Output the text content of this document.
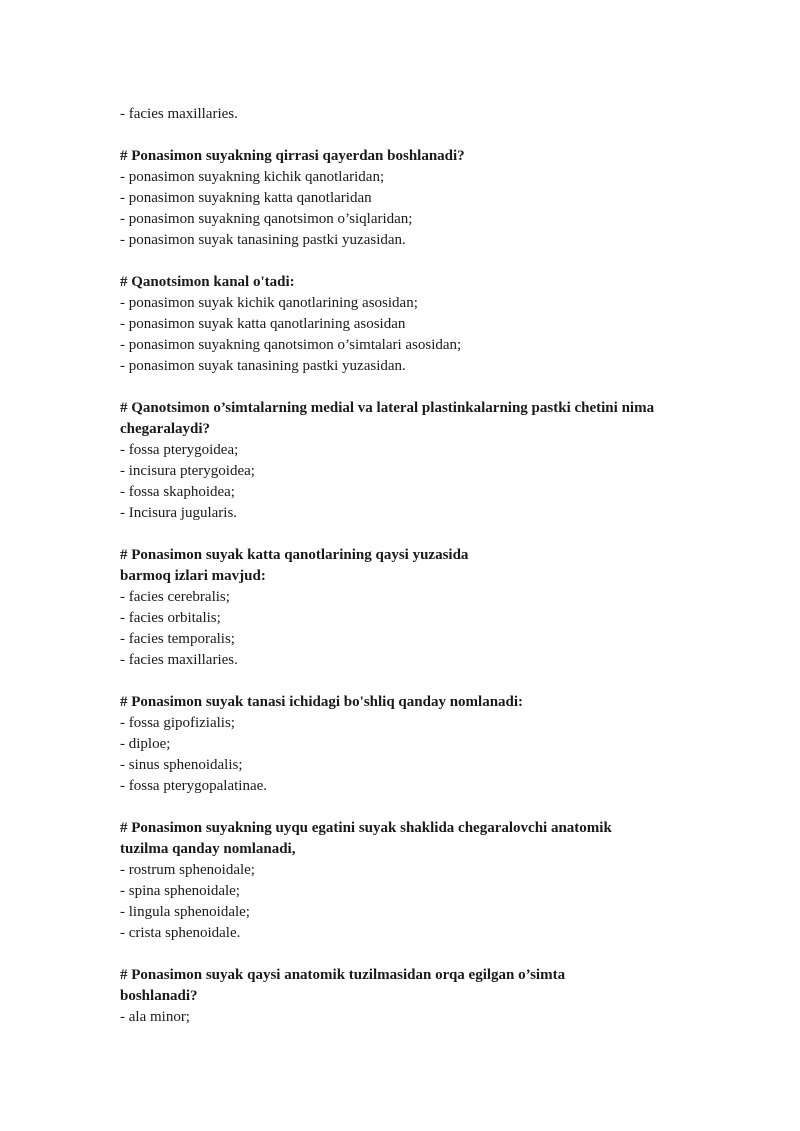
- facies maxillaries.

# Ponasimon suyakning qirrasi qayerdan boshlanadi?

- ponasimon suyakning kichik qanotlaridan;

- ponasimon suyakning katta qanotlaridan

- ponasimon suyakning qanotsimon o’siqlaridan;

- ponasimon suyak tanasining pastki yuzasidan.

# Qanotsimon kanal o'tadi:

- ponasimon suyak kichik qanotlarining asosidan;

- ponasimon suyak katta qanotlarining asosidan

- ponasimon suyakning qanotsimon o’simtalari asosidan;

- ponasimon suyak tanasining pastki yuzasidan.

# Qanotsimon o’simtalarning medial va lateral plastinkalarning pastki chetini nima chegaralaydi?

- fossa pterygoidea;

- incisura pterygoidea;

- fossa skaphoidea;

- Incisura jugularis.

# Ponasimon suyak katta qanotlarining qaysi yuzasida barmoq izlari mavjud:

- facies cerebralis;

- facies orbitalis;

- facies temporalis;

- facies maxillaries.

# Ponasimon suyak tanasi ichidagi bo'shliq qanday nomlanadi:

- fossa gipofizialis;

- diploe;

- sinus sphenoidalis;

- fossa pterygopalatinae.

# Ponasimon suyakning uyqu egatini suyak shaklida chegaralovchi anatomik tuzilma qanday nomlanadi,

- rostrum sphenoidale;

- spina sphenoidale;

- lingula sphenoidale;

- crista sphenoidale.

# Ponasimon suyak qaysi anatomik tuzilmasidan orqa egilgan o’simta boshlanadi?

- ala minor;
